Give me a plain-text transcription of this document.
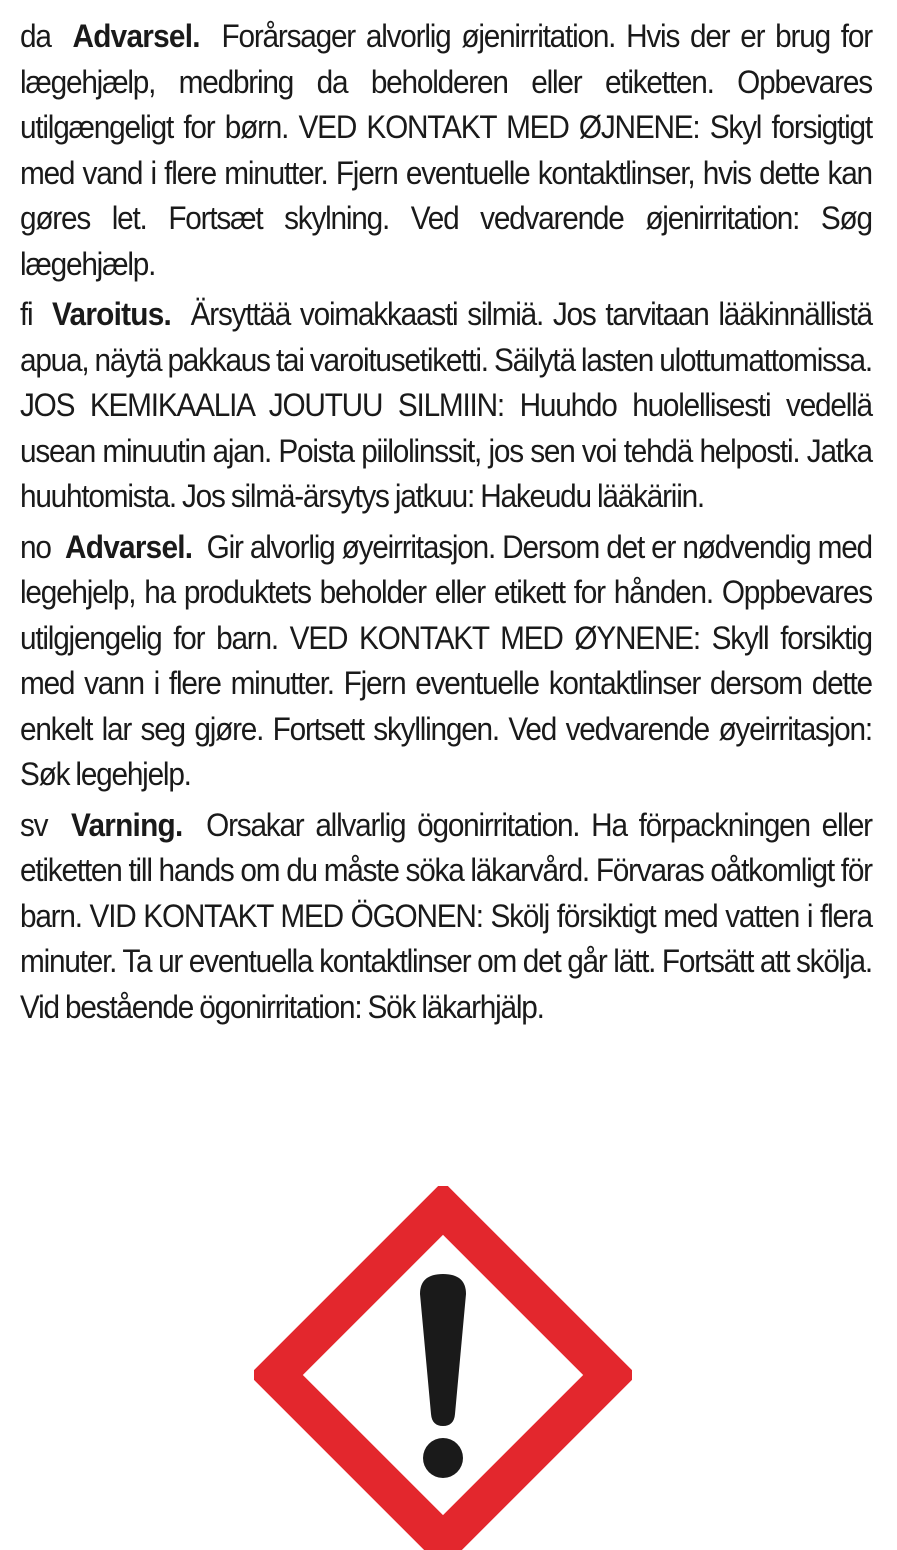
da Advarsel. Forårsager alvorlig øjenirritation. Hvis der er brug for lægehjælp, medbring da beholderen eller etiketten. Opbevares utilgængeligt for børn. VED KONTAKT MED ØJNENE: Skyl forsigtigt med vand i flere minutter. Fjern eventuelle kontaktlinser, hvis dette kan gøres let. Fortsæt skylning. Ved vedvarende øjenirritation: Søg lægehjælp.

fi Varoitus. Ärsyttää voimakkaasti silmiä. Jos tarvitaan lääkinnällistä apua, näytä pakkaus tai varoitusetiketti. Säilytä lasten ulottumattomissa. JOS KEMIKAALIA JOUTUU SILMIIN: Huuhdo huolellisesti vedellä usean minuutin ajan. Poista piilolinssit, jos sen voi tehdä helposti. Jatka huuhtomista. Jos silmä-ärsytys jatkuu: Hakeudu lääkäriin.

no Advarsel. Gir alvorlig øyeirritasjon. Dersom det er nødvendig med legehjelp, ha produktets beholder eller etikett for hånden. Oppbevares utilgjengelig for barn. VED KONTAKT MED ØYNENE: Skyll forsiktig med vann i flere minutter. Fjern eventuelle kontaktlinser dersom dette enkelt lar seg gjøre. Fortsett skyllingen. Ved vedvarende øyeirritasjon: Søk legehjelp.

sv Varning. Orsakar allvarlig ögonirritation. Ha förpackningen eller etiketten till hands om du måste söka läkarvård. Förvaras oåtkomligt för barn. VID KONTAKT MED ÖGONEN: Skölj försiktigt med vatten i flera minuter. Ta ur eventuella kontaktlinser om det går lätt. Fortsätt att skölja. Vid bestående ögonirritation: Sök läkarhjälp.
